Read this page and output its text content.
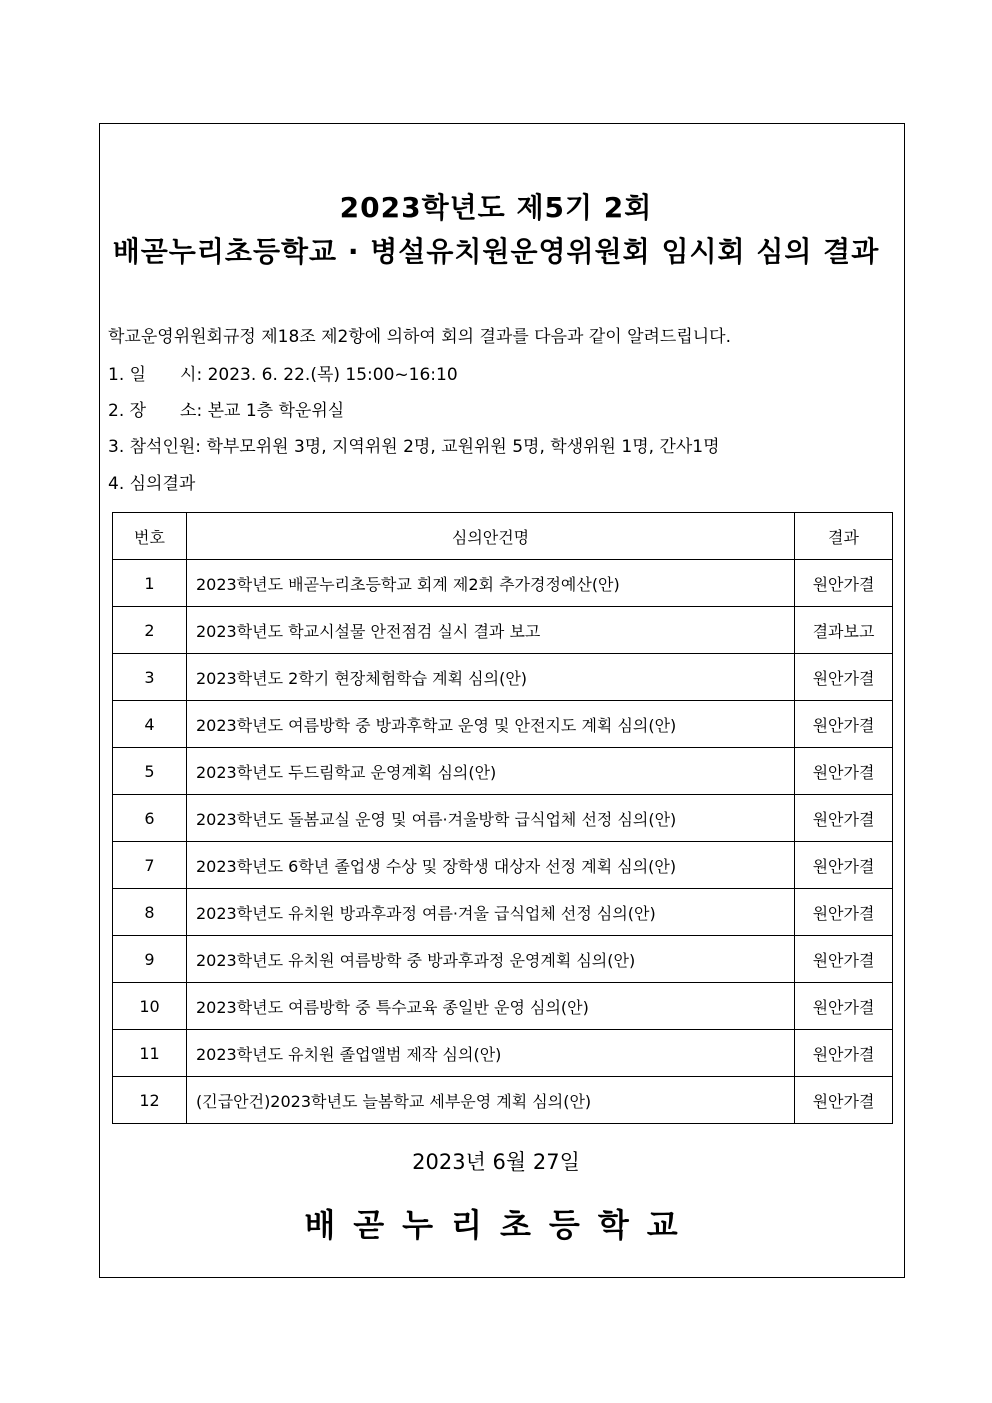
2023학년도 제5기 2회
배곧누리초등학교 · 병설유치원운영위원회 임시회 심의 결과
학교운영위원회규정 제18조 제2항에 의하여 회의 결과를 다음과 같이 알려드립니다.
1. 일　　시: 2023. 6. 22.(목) 15:00~16:10
2. 장　　소: 본교 1층 학운위실
3. 참석인원: 학부모위원 3명, 지역위원 2명, 교원위원 5명, 학생위원 1명, 간사1명
4. 심의결과
번호	심의안건명	결과
1	2023학년도 배곧누리초등학교 회계 제2회 추가경정예산(안)	원안가결
2	2023학년도 학교시설물 안전점검 실시 결과 보고	결과보고
3	2023학년도 2학기 현장체험학습 계획 심의(안)	원안가결
4	2023학년도 여름방학 중 방과후학교 운영 및 안전지도 계획 심의(안)	원안가결
5	2023학년도 두드림학교 운영계획 심의(안)	원안가결
6	2023학년도 돌봄교실 운영 및 여름·겨울방학 급식업체 선정 심의(안)	원안가결
7	2023학년도 6학년 졸업생 수상 및 장학생 대상자 선정 계획 심의(안)	원안가결
8	2023학년도 유치원 방과후과정 여름·겨울 급식업체 선정 심의(안)	원안가결
9	2023학년도 유치원 여름방학 중 방과후과정 운영계획 심의(안)	원안가결
10	2023학년도 여름방학 중 특수교육 종일반 운영 심의(안)	원안가결
11	2023학년도 유치원 졸업앨범 제작 심의(안)	원안가결
12	(긴급안건)2023학년도 늘봄학교 세부운영 계획 심의(안)	원안가결
2023년 6월 27일
배곧누리초등학교
